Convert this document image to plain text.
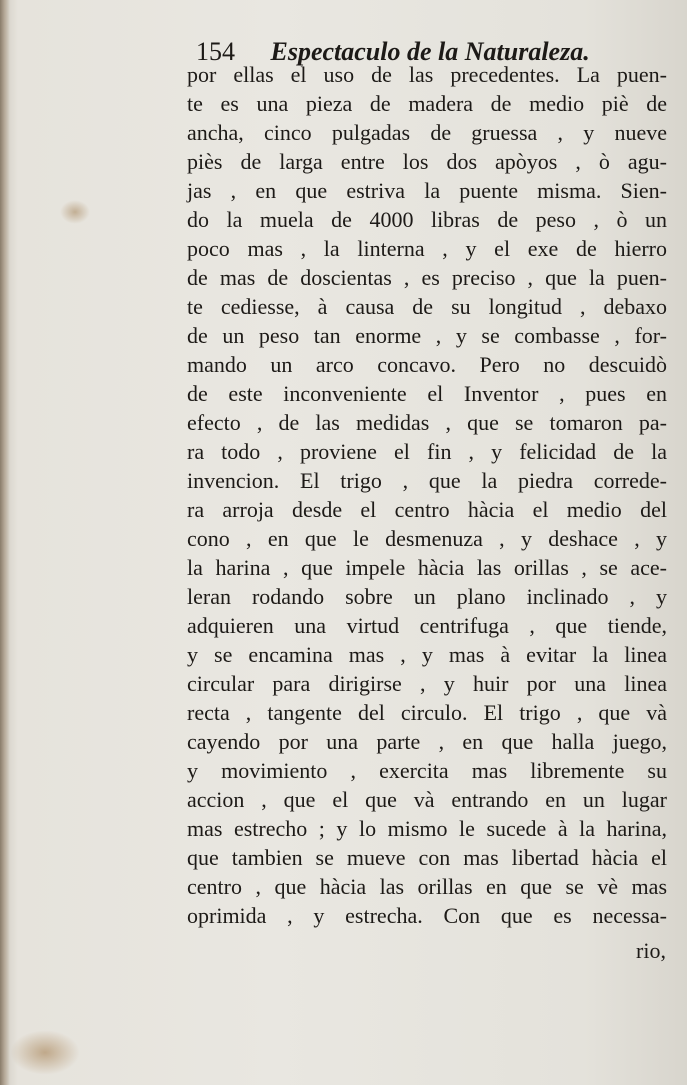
154 Espectaculo de la Naturaleza.
por ellas el uso de las precedentes. La puen-
te es una pieza de madera de medio piè de
ancha, cinco pulgadas de gruessa , y nueve
piès de larga entre los dos apòyos , ò agu-
jas , en que estriva la puente misma. Sien-
do la muela de 4000 libras de peso , ò un
poco mas , la linterna , y el exe de hierro
de mas de doscientas , es preciso , que la puen-
te cediesse, à causa de su longitud , debaxo
de un peso tan enorme , y se combasse , for-
mando un arco concavo. Pero no descuidò
de este inconveniente el Inventor , pues en
efecto , de las medidas , que se tomaron pa-
ra todo , proviene el fin , y felicidad de la
invencion. El trigo , que la piedra correde-
ra arroja desde el centro hàcia el medio del
cono , en que le desmenuza , y deshace , y
la harina , que impele hàcia las orillas , se ace-
leran rodando sobre un plano inclinado , y
adquieren una virtud centrifuga , que tiende,
y se encamina mas , y mas à evitar la linea
circular para dirigirse , y huir por una linea
recta , tangente del circulo. El trigo , que và
cayendo por una parte , en que halla juego,
y movimiento , exercita mas libremente su
accion , que el que và entrando en un lugar
mas estrecho ; y lo mismo le sucede à la harina,
que tambien se mueve con mas libertad hàcia el
centro , que hàcia las orillas en que se vè mas
oprimida , y estrecha. Con que es necessa-
rio,
